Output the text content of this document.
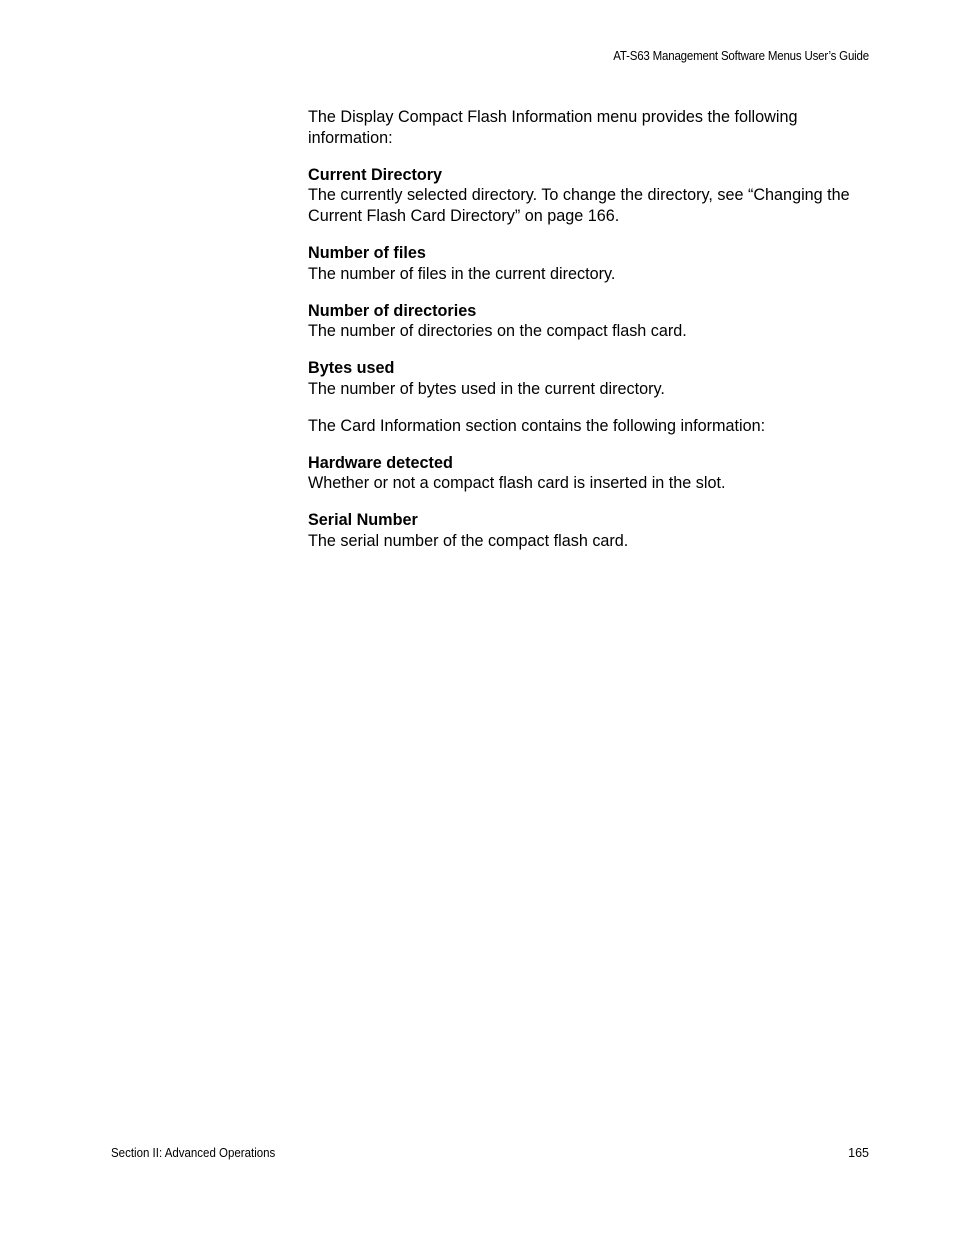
AT-S63 Management Software Menus User’s Guide

The Display Compact Flash Information menu provides the following information:

Current Directory
The currently selected directory. To change the directory, see “Changing the Current Flash Card Directory” on page 166.
Number of files
The number of files in the current directory.
Number of directories
The number of directories on the compact flash card.
Bytes used
The number of bytes used in the current directory.

The Card Information section contains the following information:

Hardware detected
Whether or not a compact flash card is inserted in the slot.
Serial Number
The serial number of the compact flash card.
Section II: Advanced Operations	165
